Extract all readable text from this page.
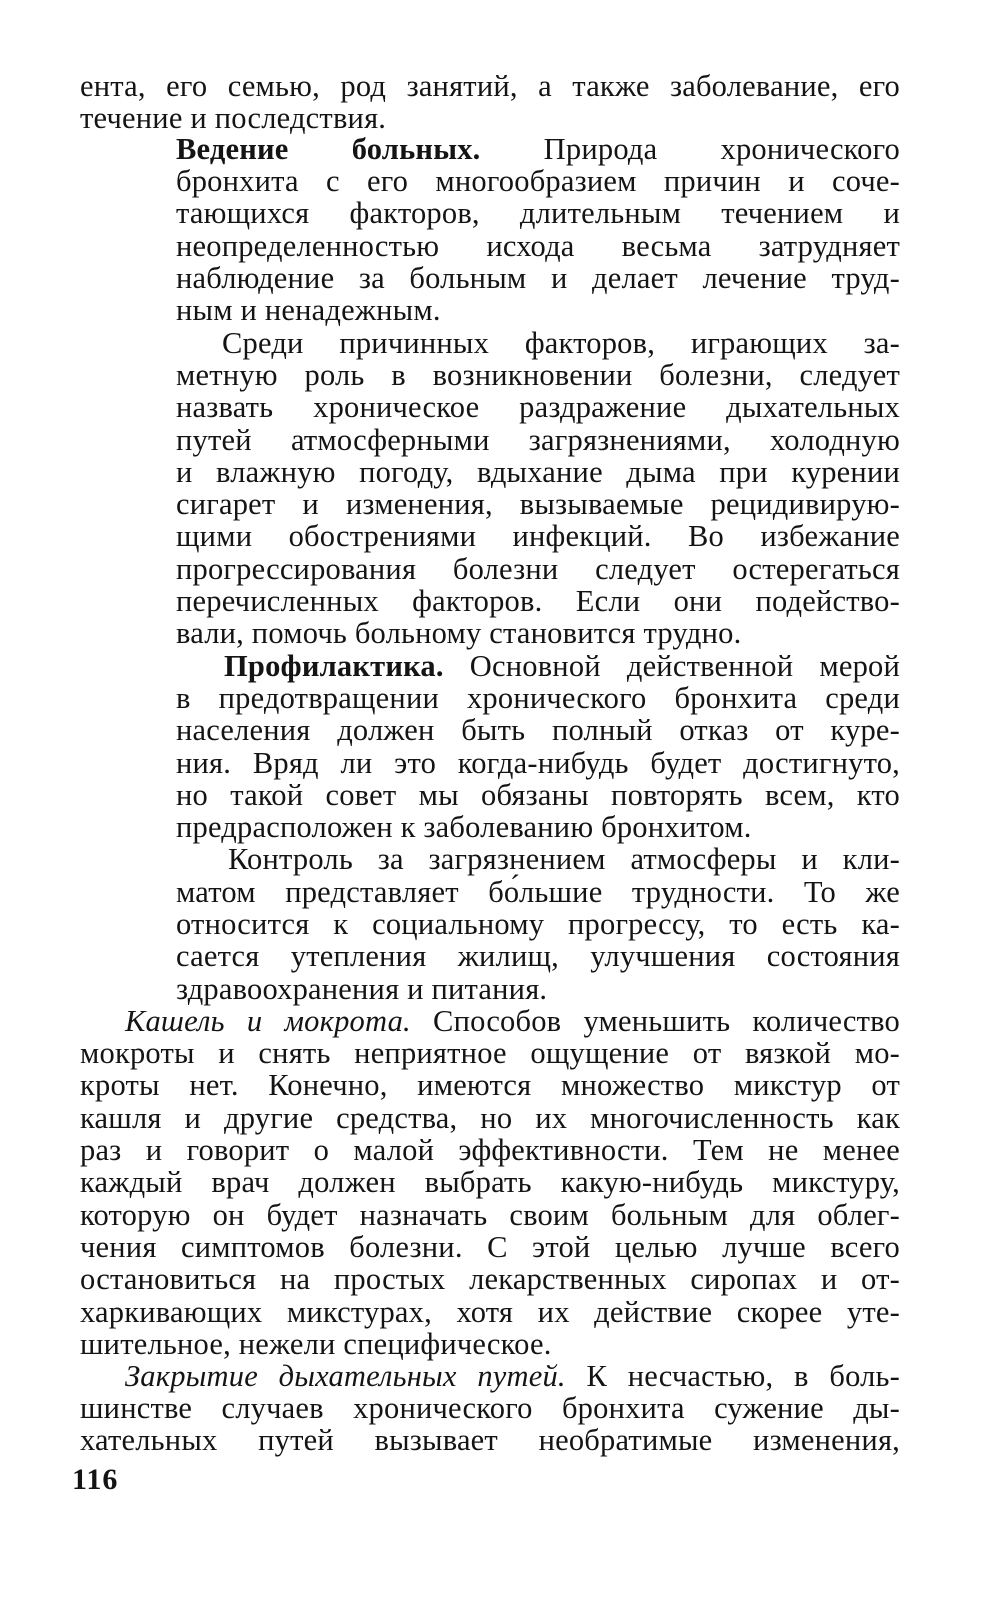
ента, его семью, род занятий, а также заболевание, его
течение и последствия.
Ведение больных. Природа хронического
бронхита с его многообразием причин и соче-
тающихся факторов, длительным течением и
неопределенностью исхода весьма затрудняет
наблюдение за больным и делает лечение труд-
ным и ненадежным.
Среди причинных факторов, играющих за-
метную роль в возникновении болезни, следует
назвать хроническое раздражение дыхательных
путей атмосферными загрязнениями, холодную
и влажную погоду, вдыхание дыма при курении
сигарет и изменения, вызываемые рецидивирую-
щими обострениями инфекций. Во избежание
прогрессирования болезни следует остерегаться
перечисленных факторов. Если они подейство-
вали, помочь больному становится трудно.
Профилактика. Основной действенной мерой
в предотвращении хронического бронхита среди
населения должен быть полный отказ от куре-
ния. Вряд ли это когда-нибудь будет достигнуто,
но такой совет мы обязаны повторять всем, кто
предрасположен к заболеванию бронхитом.
Контроль за загрязнением атмосферы и кли-
матом представляет бо́льшие трудности. То же
относится к социальному прогрессу, то есть ка-
сается утепления жилищ, улучшения состояния
здравоохранения и питания.
Кашель и мокрота. Способов уменьшить количество
мокроты и снять неприятное ощущение от вязкой мо-
кроты нет. Конечно, имеются множество микстур от
кашля и другие средства, но их многочисленность как
раз и говорит о малой эффективности. Тем не менее
каждый врач должен выбрать какую-нибудь микстуру,
которую он будет назначать своим больным для облег-
чения симптомов болезни. С этой целью лучше всего
остановиться на простых лекарственных сиропах и от-
харкивающих микстурах, хотя их действие скорее уте-
шительное, нежели специфическое.
Закрытие дыхательных путей. К несчастью, в боль-
шинстве случаев хронического бронхита сужение ды-
хательных путей вызывает необратимые изменения,
116
